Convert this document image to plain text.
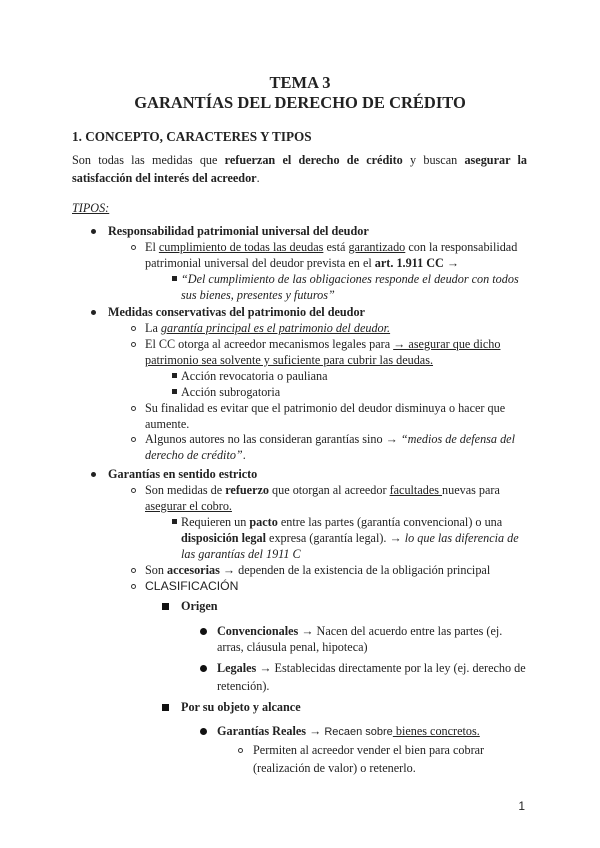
TEMA 3
GARANTÍAS DEL DERECHO DE CRÉDITO
1. CONCEPTO, CARACTERES Y TIPOS
Son todas las medidas que refuerzan el derecho de crédito y buscan asegurar la
satisfacción del interés del acreedor.
TIPOS:
Responsabilidad patrimonial universal del deudor
El cumplimiento de todas las deudas está garantizado con la responsabilidad
patrimonial universal del deudor prevista en el art. 1.911 CC →
“Del cumplimiento de las obligaciones responde el deudor con todos
sus bienes, presentes y futuros”
Medidas conservativas del patrimonio del deudor
La garantía principal es el patrimonio del deudor.
El CC otorga al acreedor mecanismos legales para → asegurar que dicho
patrimonio sea solvente y suficiente para cubrir las deudas.
Acción revocatoria o pauliana
Acción subrogatoria
Su finalidad es evitar que el patrimonio del deudor disminuya o hacer que
aumente.
Algunos autores no las consideran garantías sino → “medios de defensa del
derecho de crédito”.
Garantías en sentido estricto
Son medidas de refuerzo que otorgan al acreedor facultades nuevas para
asegurar el cobro.
Requieren un pacto entre las partes (garantía convencional) o una
disposición legal expresa (garantía legal). → lo que las diferencia de
las garantías del 1911 C
Son accesorias → dependen de la existencia de la obligación principal
CLASIFICACIÓN
Origen
Convencionales → Nacen del acuerdo entre las partes (ej.
arras, cláusula penal, hipoteca)
Legales → Establecidas directamente por la ley (ej. derecho de
retención).
Por su objeto y alcance
Garantías Reales → Recaen sobre bienes concretos.
Permiten al acreedor vender el bien para cobrar
(realización de valor) o retenerlo.
1
